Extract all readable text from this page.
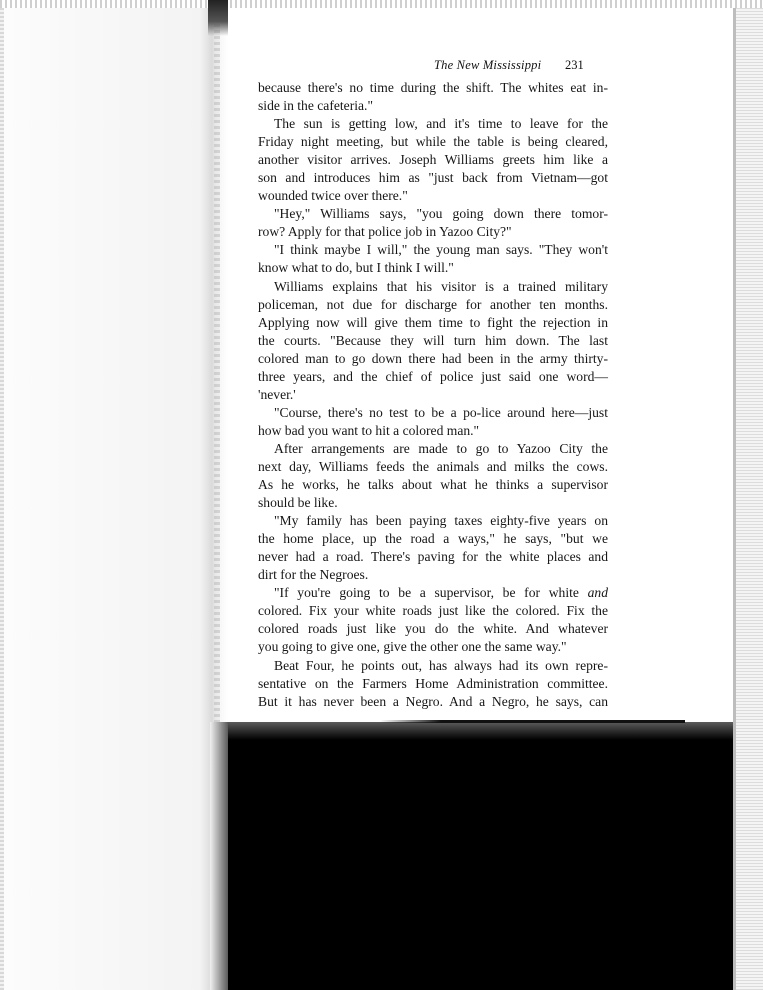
The New Mississippi 231
because there's no time during the shift. The whites eat in-
side in the cafeteria."
The sun is getting low, and it's time to leave for the
Friday night meeting, but while the table is being cleared,
another visitor arrives. Joseph Williams greets him like a
son and introduces him as "just back from Vietnam—got
wounded twice over there."
"Hey," Williams says, "you going down there tomor-
row? Apply for that police job in Yazoo City?"
"I think maybe I will," the young man says. "They won't
know what to do, but I think I will."
Williams explains that his visitor is a trained military
policeman, not due for discharge for another ten months.
Applying now will give them time to fight the rejection in
the courts. "Because they will turn him down. The last
colored man to go down there had been in the army thirty-
three years, and the chief of police just said one word—
'never.'
"Course, there's no test to be a po-lice around here—just
how bad you want to hit a colored man."
After arrangements are made to go to Yazoo City the
next day, Williams feeds the animals and milks the cows.
As he works, he talks about what he thinks a supervisor
should be like.
"My family has been paying taxes eighty-five years on
the home place, up the road a ways," he says, "but we
never had a road. There's paving for the white places and
dirt for the Negroes.
"If you're going to be a supervisor, be for white and
colored. Fix your white roads just like the colored. Fix the
colored roads just like you do the white. And whatever
you going to give one, give the other one the same way."
Beat Four, he points out, has always had its own repre-
sentative on the Farmers Home Administration committee.
But it has never been a Negro. And a Negro, he says, can
